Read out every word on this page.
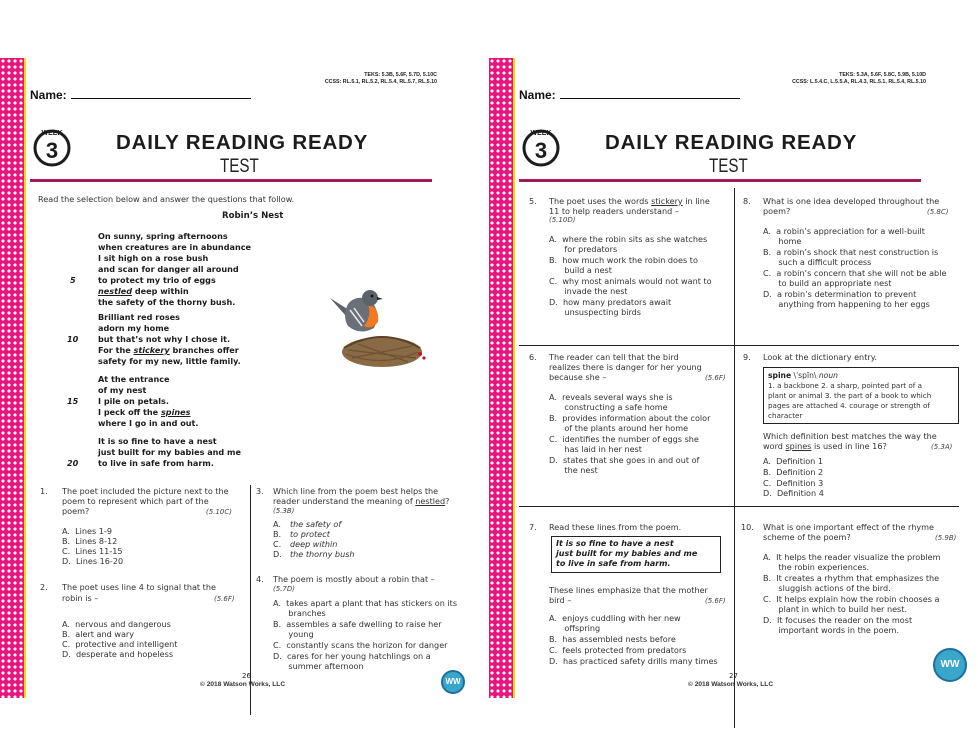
TEKS: 5.3B, 5.6F, 5.7D, 5.10C
CCSS: RL.5.1, RL.5.2, RL.5.4, RL.5.7, RL.5.10
Name:
WEEK
3	DAILY READING READY
TEST
Read the selection below and answer the questions that follow.
Robin’s Nest
On sunny, spring afternoons
when creatures are in abundance
I sit high on a rose bush
and scan for danger all around
to protect my trio of eggs
nestled deep within
the safety of the thorny bush.
Brilliant red roses
adorn my home
but that’s not why I chose it.
For the stickery branches offer
safety for my new, little family.
At the entrance
of my nest
I pile on petals.
I peck off the spines
where I go in and out.
It is so fine to have a nest
just built for my babies and me
to live in safe from harm.
5
10
15
20
1. The poet included the picture next to the
poem to represent which part of the
poem?	(5.10C)
A.  Lines 1-9
B.  Lines 8-12
C.  Lines 11-15
D.  Lines 16-20
2. The poet uses line 4 to signal that the
robin is –	(5.6F)
A.  nervous and dangerous
B.  alert and wary
C.  protective and intelligent
D.  desperate and hopeless
3. Which line from the poem best helps the
reader understand the meaning of nestled?
(5.3B)
A. the safety of
B. to protect
C. deep within
D. the thorny bush
4. The poem is mostly about a robin that –
(5.7D)
A.  takes apart a plant that has stickers on its
branches
B.  assembles a safe dwelling to raise her
young
C.  constantly scans the horizon for danger
D.  cares for her young hatchlings on a
summer afternoon
26
© 2018 Watson Works, LLC	WW
TEKS: 5.3A, 5.6F, 5.8C, 5.9B, 5.10D
CCSS: L.5.4.C, L.5.5.A, RL.4.3, RL.5.1, RL.5.4, RL.5.10
Name:
WEEK
3	DAILY READING READY
TEST
5. The poet uses the words stickery in line
11 to help readers understand –
(5.10D)
A.  where the robin sits as she watches
for predators
B.  how much work the robin does to
build a nest
C.  why most animals would not want to
invade the nest
D.  how many predators await
unsuspecting birds
6. The reader can tell that the bird
realizes there is danger for her young
because she –	(5.6F)
A.  reveals several ways she is
constructing a safe home
B.  provides information about the color
of the plants around her home
C.  identifies the number of eggs she
has laid in her nest
D.  states that she goes in and out of
the nest
7. Read these lines from the poem.
It is so fine to have a nest
just built for my babies and me
to live in safe from harm.
These lines emphasize that the mother
bird –	(5.6F)
A.  enjoys cuddling with her new
offspring
B.  has assembled nests before
C.  feels protected from predators
D.  has practiced safety drills many times
8. What is one idea developed throughout the
poem?	(5.8C)
A.  a robin’s appreciation for a well-built
home
B.  a robin’s shock that nest construction is
such a difficult process
C.  a robin’s concern that she will not be able
to build an appropriate nest
D.  a robin’s determination to prevent
anything from happening to her eggs
9. Look at the dictionary entry.
spine \ˈspīn\ noun
1. a backbone 2. a sharp, pointed part of a
plant or animal 3. the part of a book to which
pages are attached 4. courage or strength of
character
Which definition best matches the way the
word spines is used in line 16?	(5.3A)
A.  Definition 1
B.  Definition 2
C.  Definition 3
D.  Definition 4
10. What is one important effect of the rhyme
scheme of the poem?	(5.9B)
A.  It helps the reader visualize the problem
the robin experiences.
B.  It creates a rhythm that emphasizes the
sluggish actions of the bird.
C.  It helps explain how the robin chooses a
plant in which to build her nest.
D.  It focuses the reader on the most
important words in the poem.
27
© 2018 Watson Works, LLC
WW
